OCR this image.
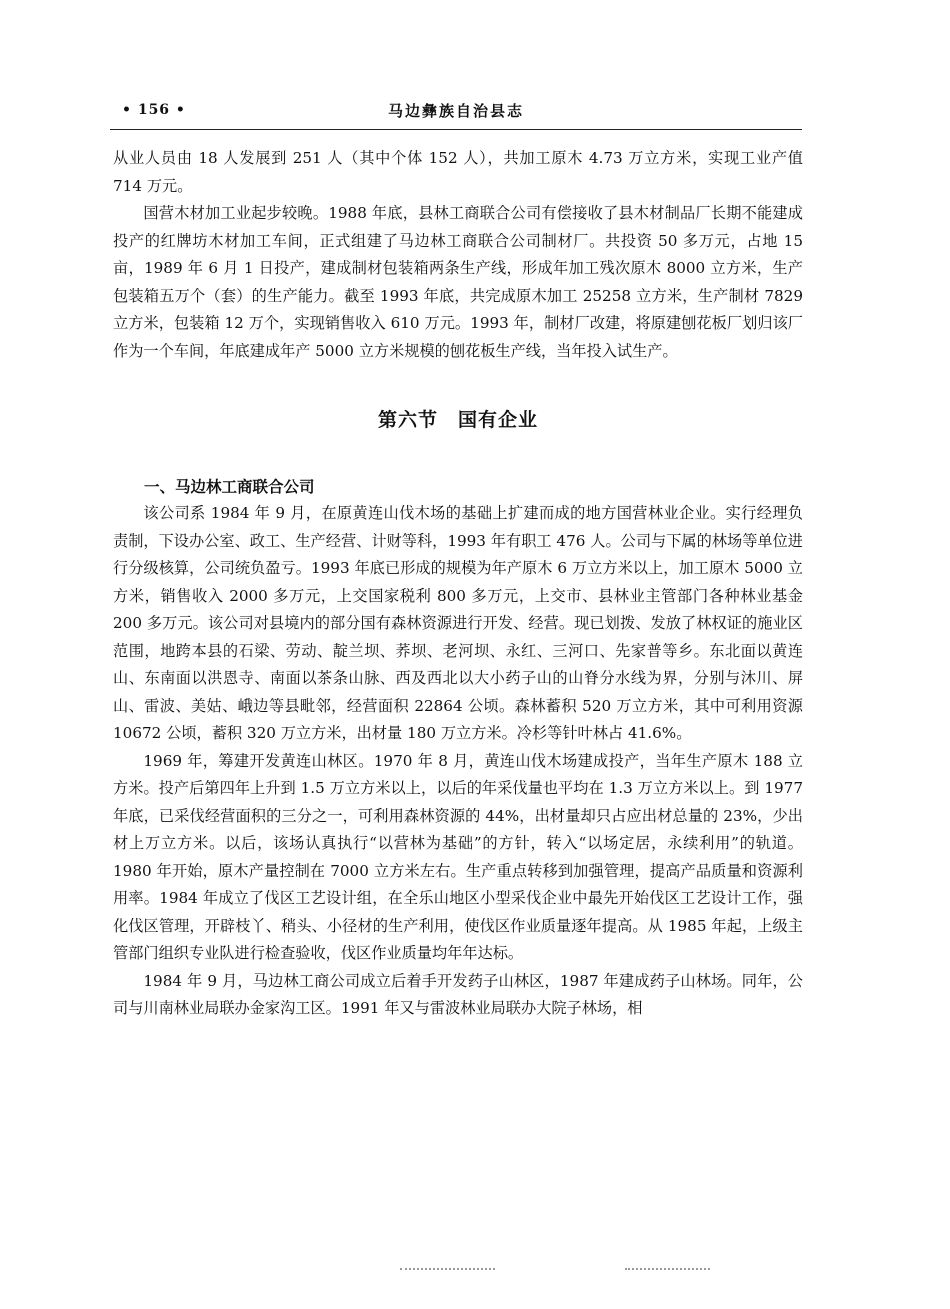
• 156 •	马边彝族自治县志

从业人员由 18 人发展到 251 人（其中个体 152 人），共加工原木 4.73 万立方米，实现工业产值 714 万元。

国营木材加工业起步较晚。1988 年底，县林工商联合公司有偿接收了县木材制品厂长期不能建成投产的红牌坊木材加工车间，正式组建了马边林工商联合公司制材厂。共投资 50 多万元，占地 15 亩，1989 年 6 月 1 日投产，建成制材包装箱两条生产线，形成年加工残次原木 8000 立方米，生产包装箱五万个（套）的生产能力。截至 1993 年底，共完成原木加工 25258 立方米，生产制材 7829 立方米，包装箱 12 万个，实现销售收入 610 万元。1993 年，制材厂改建，将原建刨花板厂划归该厂作为一个车间，年底建成年产 5000 立方米规模的刨花板生产线，当年投入试生产。

第六节　国有企业

一、马边林工商联合公司

该公司系 1984 年 9 月，在原黄连山伐木场的基础上扩建而成的地方国营林业企业。实行经理负责制，下设办公室、政工、生产经营、计财等科，1993 年有职工 476 人。公司与下属的林场等单位进行分级核算，公司统负盈亏。1993 年底已形成的规模为年产原木 6 万立方米以上，加工原木 5000 立方米，销售收入 2000 多万元，上交国家税利 800 多万元，上交市、县林业主管部门各种林业基金 200 多万元。该公司对县境内的部分国有森林资源进行开发、经营。现已划拨、发放了林权证的施业区范围，地跨本县的石梁、劳动、靛兰坝、荞坝、老河坝、永红、三河口、先家普等乡。东北面以黄连山、东南面以洪恩寺、南面以茶条山脉、西及西北以大小药子山的山脊分水线为界，分别与沐川、屏山、雷波、美姑、峨边等县毗邻，经营面积 22864 公顷。森林蓄积 520 万立方米，其中可利用资源 10672 公顷，蓄积 320 万立方米，出材量 180 万立方米。冷杉等针叶林占 41.6%。

1969 年，筹建开发黄连山林区。1970 年 8 月，黄连山伐木场建成投产，当年生产原木 188 立方米。投产后第四年上升到 1.5 万立方米以上，以后的年采伐量也平均在 1.3 万立方米以上。到 1977 年底，已采伐经营面积的三分之一，可利用森林资源的 44%，出材量却只占应出材总量的 23%，少出材上万立方米。以后，该场认真执行“以营林为基础”的方针，转入“以场定居，永续利用”的轨道。1980 年开始，原木产量控制在 7000 立方米左右。生产重点转移到加强管理，提高产品质量和资源利用率。1984 年成立了伐区工艺设计组，在全乐山地区小型采伐企业中最先开始伐区工艺设计工作，强化伐区管理，开辟枝丫、稍头、小径材的生产利用，使伐区作业质量逐年提高。从 1985 年起，上级主管部门组织专业队进行检查验收，伐区作业质量均年年达标。

1984 年 9 月，马边林工商公司成立后着手开发药子山林区，1987 年建成药子山林场。同年，公司与川南林业局联办金家沟工区。1991 年又与雷波林业局联办大院子林场，相
